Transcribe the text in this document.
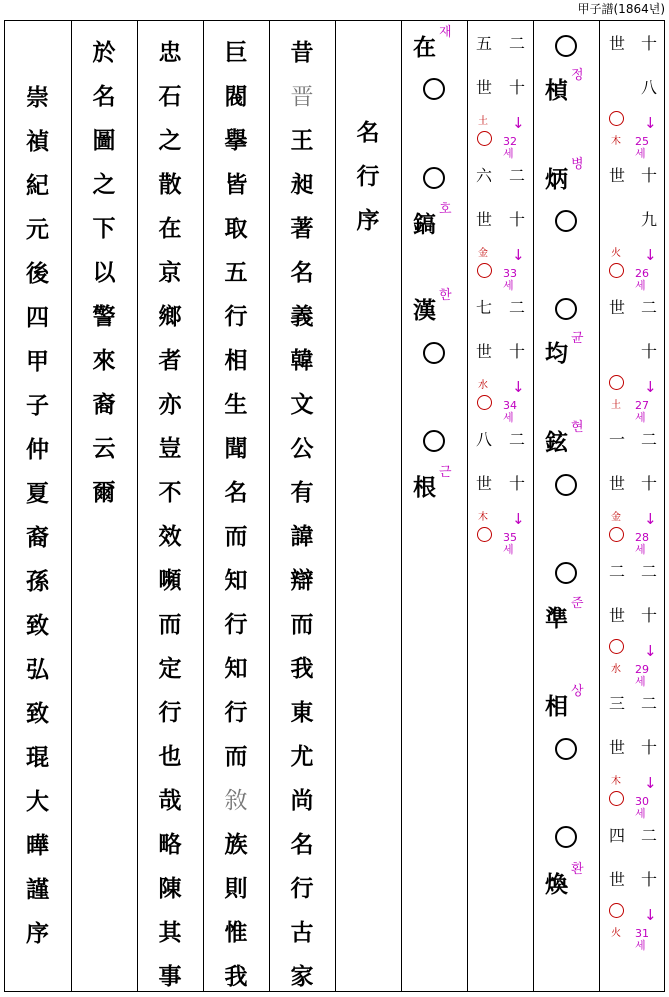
甲子譜(1864년)
崇
禎
紀
元
後
四
甲
子
仲
夏
裔
孫
致
弘
致
琨
大
曄
謹
序
於
名
圖
之
下
以
警
來
裔
云
爾
忠
石
之
散
在
京
鄉
者
亦
豈
不
效
嚬
而
定
行
也
哉
略
陳
其
事
巨
閥
擧
皆
取
五
行
相
生
聞
名
而
知
行
知
行
而
敘
族
則
惟
我
昔
晋
王
昶
著
名
義
韓
文
公
有
諱
辯
而
我
東
尤
尚
名
行
古
家
名
行
序
在
재
鎬
호
漢
한
根
근
二
十
五
世
土 ↓
32세
二
十
六
世
金 ↓
33세
二
十
七
世
水 ↓
34세
二
十
八
世
木 ↓
35세
楨
정
炳
병
均
균
鉉
현
準
준
相
상
煥
환
世 十
八
木
↓
25세
世 十
九
火 ↓
26세
世 二
十
土
↓
27세
一 二
世 十
金 ↓
28세
二 二
世 十
水
↓
29세
三 二
世 十
木 ↓
30세
四 二
世 十
火
↓
31세
